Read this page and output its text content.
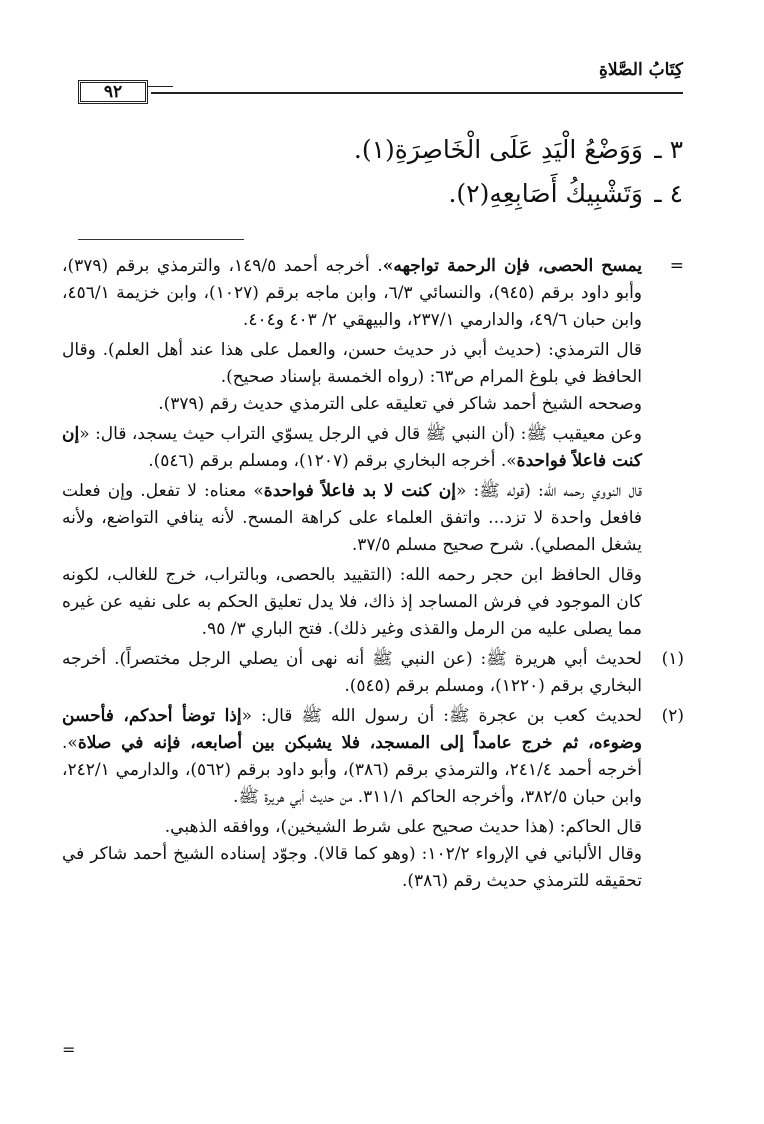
كِتَابُ الصَّلاةِ
٩٢
٣ ـ
وَوَضْعُ الْيَدِ عَلَى الْخَاصِرَةِ(١).
٤ ـ
وَتَشْبِيكُ أَصَابِعِهِ(٢).
=
يمسح الحصى، فإن الرحمة تواجهه». أخرجه أحمد ١٤٩/٥، والترمذي برقم (٣٧٩)، وأبو داود برقم (٩٤٥)، والنسائي ٦/٣، وابن ماجه برقم (١٠٢٧)، وابن خزيمة ٤٥٦/١، وابن حبان ٤٩/٦، والدارمي ٢٣٧/١، والبيهقي ٢/ ٤٠٣ و٤٠٤.

قال الترمذي: (حديث أبي ذر حديث حسن، والعمل على هذا عند أهل العلم). وقال الحافظ في بلوغ المرام ص٦٣: (رواه الخمسة بإسناد صحيح).

وصححه الشيخ أحمد شاكر في تعليقه على الترمذي حديث رقم (٣٧٩).

وعن معيقيب ﷺ: (أن النبي ﷺ قال في الرجل يسوّي التراب حيث يسجد، قال: «إن كنت فاعلاً فواحدة». أخرجه البخاري برقم (١٢٠٧)، ومسلم برقم (٥٤٦).
قال النووي رحمه الله: (قوله ﷺ: «إن كنت لا بد فاعلاً فواحدة» معناه: لا تفعل. وإن فعلت فافعل واحدة لا تزد... واتفق العلماء على كراهة المسح. لأنه ينافي التواضع، ولأنه يشغل المصلي). شرح صحيح مسلم ٣٧/٥.
وقال الحافظ ابن حجر رحمه الله: (التقييد بالحصى، وبالتراب، خرج للغالب، لكونه كان الموجود في فرش المساجد إذ ذاك، فلا يدل تعليق الحكم به على نفيه عن غيره مما يصلى عليه من الرمل والقذى وغير ذلك). فتح الباري ٣/ ٩٥.
(١)
لحديث أبي هريرة ﷺ: (عن النبي ﷺ أنه نهى أن يصلي الرجل مختصراً). أخرجه البخاري برقم (١٢٢٠)، ومسلم برقم (٥٤٥).
(٢)
لحديث كعب بن عجرة ﷺ: أن رسول الله ﷺ قال: «إذا توضأ أحدكم، فأحسن وضوءه، ثم خرج عامداً إلى المسجد، فلا يشبكن بين أصابعه، فإنه في صلاة». أخرجه أحمد ٢٤١/٤، والترمذي برقم (٣٨٦)، وأبو داود برقم (٥٦٢)، والدارمي ٢٤٢/١، وابن حبان ٣٨٢/٥، وأخرجه الحاكم ٣١١/١. من حديث أبي هريرة ﷺ.

قال الحاكم: (هذا حديث صحيح على شرط الشيخين)، ووافقه الذهبي.

وقال الألباني في الإرواء ١٠٢/٢: (وهو كما قالا). وجوّد إسناده الشيخ أحمد شاكر في تحقيقه للترمذي حديث رقم (٣٨٦).

=
